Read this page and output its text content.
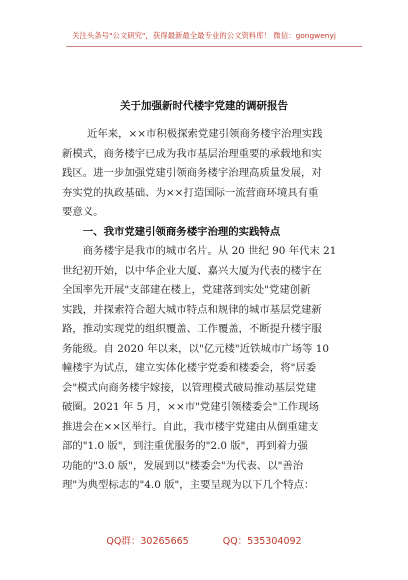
关注头条号"公文研究"，获得最新最全最专业的公文资料库！ 微信：gongwenyj
关于加强新时代楼宇党建的调研报告
近年来，××市积极探索党建引领商务楼宇治理实践
新模式，商务楼宇已成为我市基层治理重要的承载地和实
践区。进一步加强党建引领商务楼宇治理高质量发展，对
夯实党的执政基础、为××打造国际一流营商环境具有重
要意义。
一、我市党建引领商务楼宇治理的实践特点
商务楼宇是我市的城市名片。从 20 世纪 90 年代末 21
世纪初开始，以中华企业大厦、嘉兴大厦为代表的楼宇在
全国率先开展"支部建在楼上，党建落到实处"党建创新
实践，并探索符合超大城市特点和规律的城市基层党建新
路，推动实现党的组织覆盖、工作覆盖，不断提升楼宇服
务能级。自 2020 年以来，以"亿元楼"近铁城市广场等 10
幢楼宇为试点，建立实体化楼宇党委和楼委会，将"居委
会"模式向商务楼宇嫁接，以管理模式破局推动基层党建
破圈。2021 年 5 月，××市"党建引领楼委会"工作现场
推进会在××区举行。自此，我市楼宇党建由从倒重建支
部的"1.0 版"，到注重优服务的"2.0 版"，再到着力强
功能的"3.0 版"，发展到以"楼委会"为代表、以"善治
理"为典型标志的"4.0 版"，主要呈现为以下几个特点：
QQ群：30265665	QQ：535304092
